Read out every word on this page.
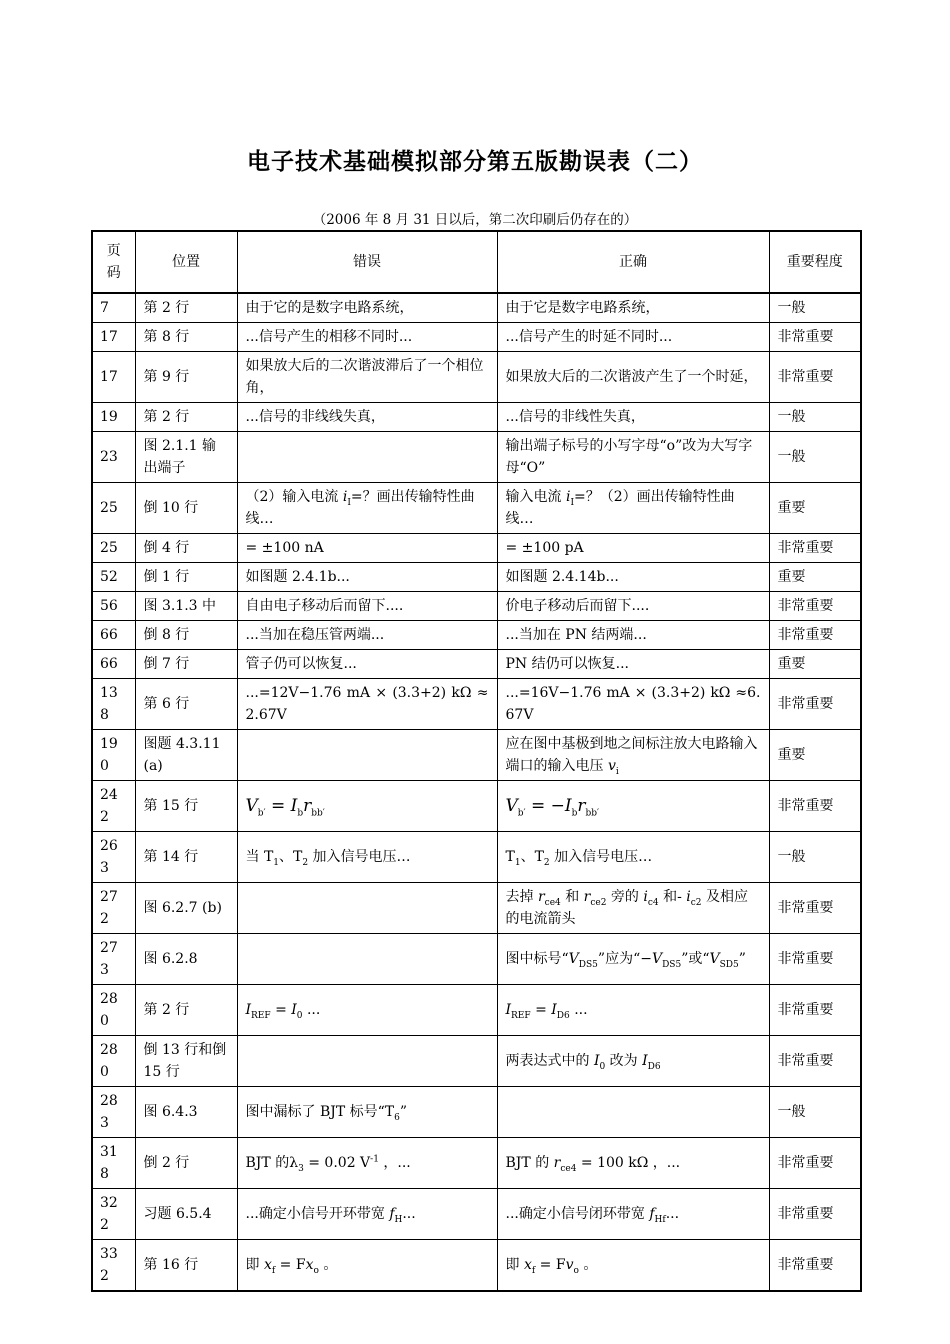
电子技术基础模拟部分第五版勘误表（二）
（2006 年 8 月 31 日以后，第二次印刷后仍存在的）
页码	位置	错误	正确	重要程度
7	第 2 行	由于它的是数字电路系统，	由于它是数字电路系统，	一般
17	第 8 行	...信号产生的相移不同时...	...信号产生的时延不同时...	非常重要
17	第 9 行	如果放大后的二次谐波滞后了一个相位角，	如果放大后的二次谐波产生了一个时延，	非常重要
19	第 2 行	...信号的非线线失真，	...信号的非线性失真，	一般
23	图 2.1.1 输出端子		输出端子标号的小写字母“o”改为大写字母“O”	一般
25	倒 10 行	（2）输入电流 $i_I=$？画出传输特性曲线…	输入电流 $i_I=$？（2）画出传输特性曲线…	重要
25	倒 4 行	= ±100 nA	= ±100 pA	非常重要
52	倒 1 行	如图题 2.4.1b...	如图题 2.4.14b...	重要
56	图 3.1.3 中	自由电子移动后而留下....	价电子移动后而留下....	非常重要
66	倒 8 行	...当加在稳压管两端...	...当加在 PN 结两端...	非常重要
66	倒 7 行	管子仍可以恢复...	PN 结仍可以恢复...	重要
138	第 6 行	...=12V−1.76 mA × (3.3+2) kΩ ≈2.67V	...=16V−1.76 mA × (3.3+2) kΩ ≈6.67V	非常重要
190	图题 4.3.11 (a)		应在图中基极到地之间标注放大电路输入端口的输入电压 $v_i$	重要
242	第 15 行	$V_{b'} = I_br_{bb'}$	$V_{b'} = -I_br_{bb'}$	非常重要
263	第 14 行	当 $T_1$、$T_2$ 加入信号电压…	$T_1$、$T_2$ 加入信号电压…	一般
272	图 6.2.7 (b)		去掉 $r_{ce4}$ 和 $r_{ce2}$ 旁的 $i_{c4}$ 和- $i_{c2}$ 及相应的电流箭头	非常重要
273	图 6.2.8		图中标号“$V_{DS5}$”应为“$-V_{DS5}$”或“$V_{SD5}$”	非常重要
280	第 2 行	$I_{REF} = I_0$ ...	$I_{REF} = I_{D6}$ ...	非常重要
280	倒 13 行和倒 15 行		两表达式中的 $I_0$ 改为 $I_{D6}$	非常重要
283	图 6.4.3	图中漏标了 BJT 标号“$T_6$”		一般
318	倒 2 行	BJT 的$\lambda_3 = 0.02$ $V^{-1}$ ，...	BJT 的 $r_{ce4} = 100$ kΩ ，...	非常重要
322	习题 6.5.4	...确定小信号开环带宽 $f_H$...	...确定小信号闭环带宽 $f_{Hf}$...	非常重要
332	第 16 行	即 $x_f = Fx_o$ 。	即 $x_f = Fv_o$ 。	非常重要
